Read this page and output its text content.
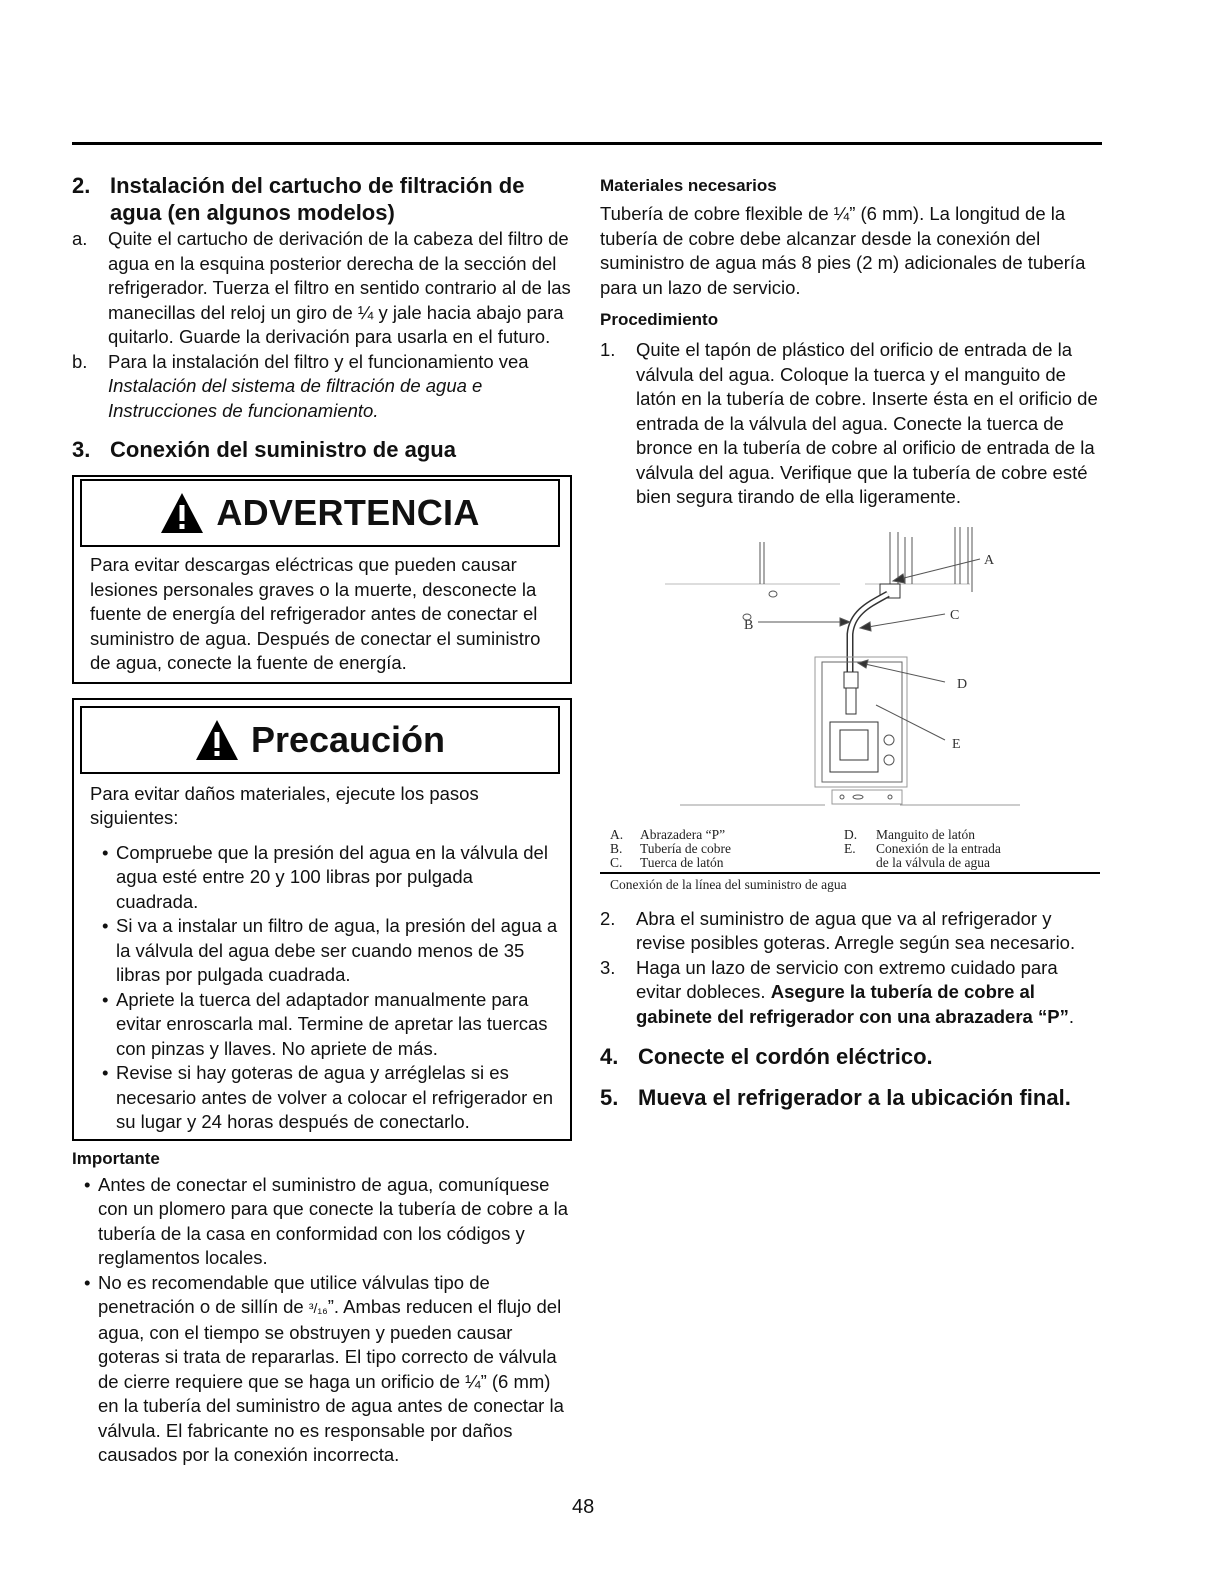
2. Instalación del cartucho de filtración de agua (en algunos modelos)
a.	Quite el cartucho de derivación de la cabeza del filtro de agua en la esquina posterior derecha de la sección del refrigerador. Tuerza el filtro en sentido contrario al de las manecillas del reloj un giro de ¼ y jale hacia abajo para quitarlo. Guarde la derivación para usarla en el futuro.
b.	Para la instalación del filtro y el funcionamiento vea Instalación del sistema de filtración de agua e Instrucciones de funcionamiento.
3. Conexión del suministro de agua
ADVERTENCIA
Para evitar descargas eléctricas que pueden causar lesiones personales graves o la muerte, desconecte la fuente de energía del refrigerador antes de conectar el suministro de agua. Después de conectar el suministro de agua, conecte la fuente de energía.
Precaución
Para evitar daños materiales, ejecute los pasos siguientes:
• Compruebe que la presión del agua en la válvula del agua esté entre 20 y 100 libras por pulgada cuadrada.
• Si va a instalar un filtro de agua, la presión del agua a la válvula del agua debe ser cuando menos de 35 libras por pulgada cuadrada.
• Apriete la tuerca del adaptador manualmente para evitar enroscarla mal. Termine de apretar las tuercas con pinzas y llaves. No apriete de más.
• Revise si hay goteras de agua y arréglelas si es necesario antes de volver a colocar el refrigerador en su lugar y 24 horas después de conectarlo.
Importante
• Antes de conectar el suministro de agua, comuníquese con un plomero para que conecte la tubería de cobre a la tubería de la casa en conformidad con los códigos y reglamentos locales.
• No es recomendable que utilice válvulas tipo de penetración o de sillín de ³/₁₆”. Ambas reducen el flujo del agua, con el tiempo se obstruyen y pueden causar goteras si trata de repararlas. El tipo correcto de válvula de cierre requiere que se haga un orificio de ¼” (6 mm) en la tubería del suministro de agua antes de conectar la válvula. El fabricante no es responsable por daños causados por la conexión incorrecta.
Materiales necesarios
Tubería de cobre flexible de ¼” (6 mm). La longitud de la tubería de cobre debe alcanzar desde la conexión del suministro de agua más 8 pies (2 m) adicionales de tubería para un lazo de servicio.
Procedimiento
1.	Quite el tapón de plástico del orificio de entrada de la válvula del agua. Coloque la tuerca y el manguito de latón en la tubería de cobre. Inserte ésta en el orificio de entrada de la válvula del agua. Conecte la tuerca de bronce en la tubería de cobre al orificio de entrada de la válvula del agua. Verifique que la tubería de cobre esté bien segura tirando de ella ligeramente.
A
B
C
D
E
A.	Abrazadera “P”	D.	Manguito de latón
B.	Tubería de cobre	E.	Conexión de la entrada
C.	Tuerca de latón		de la válvula de agua
Conexión de la línea del suministro de agua
2.	Abra el suministro de agua que va al refrigerador y revise posibles goteras. Arregle según sea necesario.
3.	Haga un lazo de servicio con extremo cuidado para evitar dobleces. Asegure la tubería de cobre al gabinete del refrigerador con una abrazadera “P”.
4. Conecte el cordón eléctrico.
5. Mueva el refrigerador a la ubicación final.
48
